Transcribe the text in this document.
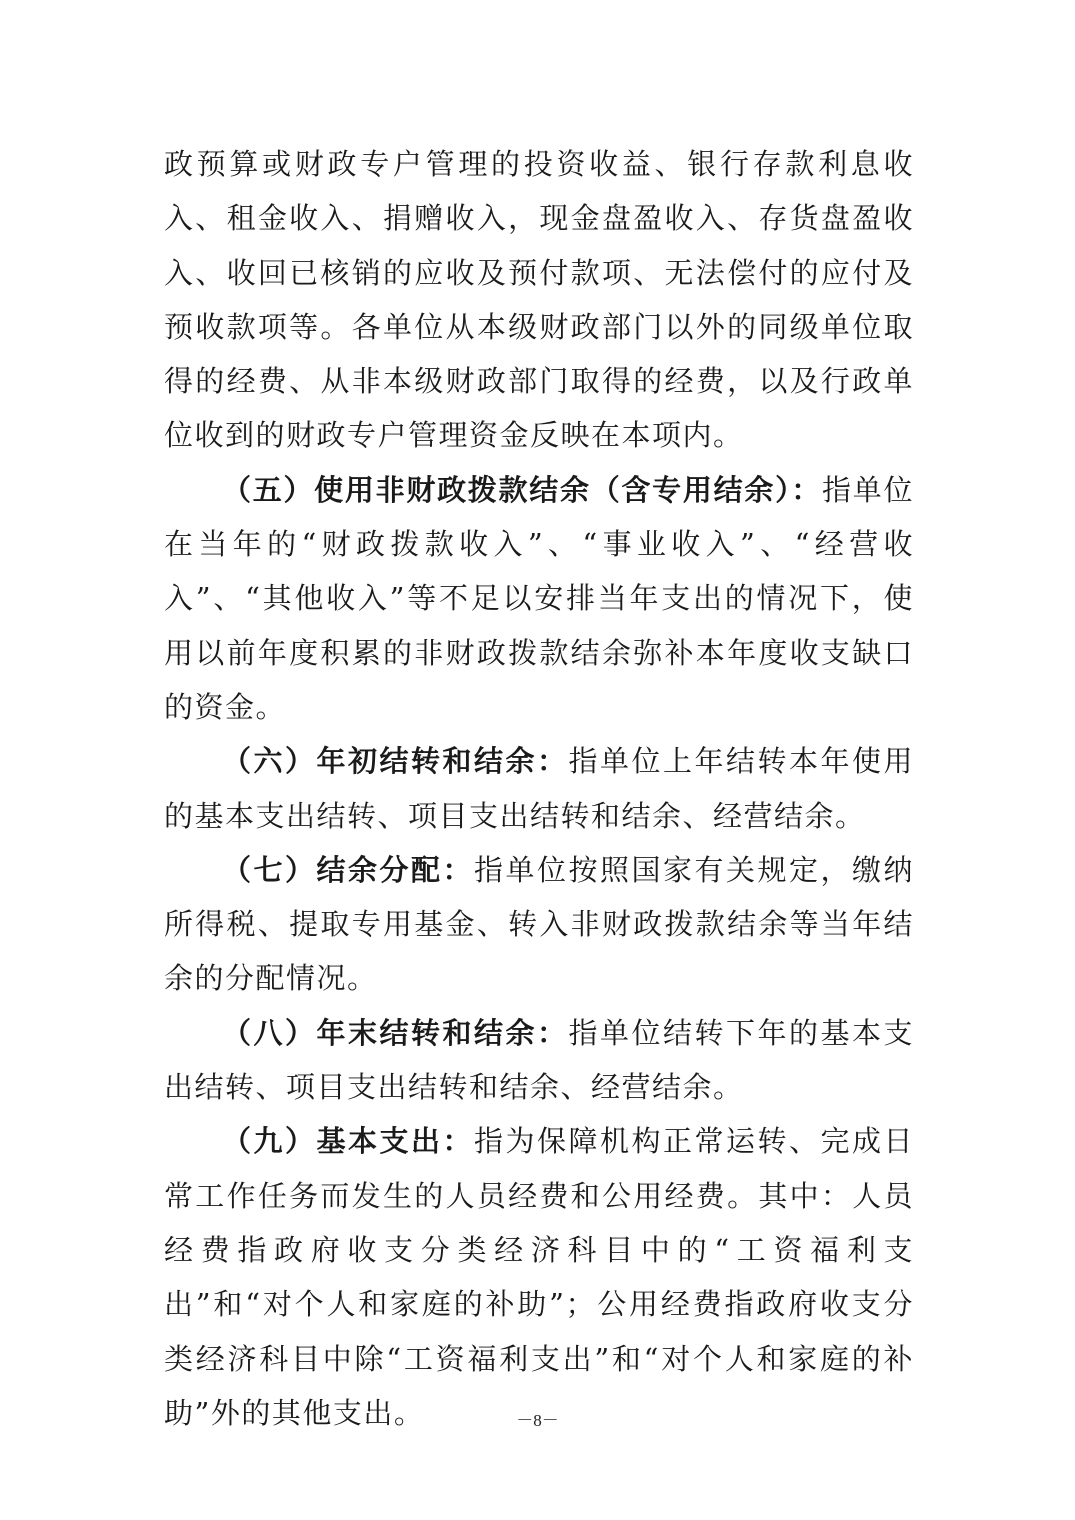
政预算或财政专户管理的投资收益、银行存款利息收入、租金收入、捐赠收入，现金盘盈收入、存货盘盈收入、收回已核销的应收及预付款项、无法偿付的应付及预收款项等。各单位从本级财政部门以外的同级单位取得的经费、从非本级财政部门取得的经费，以及行政单位收到的财政专户管理资金反映在本项内。

（五）使用非财政拨款结余（含专用结余）：指单位在当年的“财政拨款收入”、“事业收入”、“经营收入”、“其他收入”等不足以安排当年支出的情况下，使用以前年度积累的非财政拨款结余弥补本年度收支缺口的资金。

（六）年初结转和结余：指单位上年结转本年使用的基本支出结转、项目支出结转和结余、经营结余。

（七）结余分配：指单位按照国家有关规定，缴纳所得税、提取专用基金、转入非财政拨款结余等当年结余的分配情况。

（八）年末结转和结余：指单位结转下年的基本支出结转、项目支出结转和结余、经营结余。

（九）基本支出：指为保障机构正常运转、完成日常工作任务而发生的人员经费和公用经费。其中：人员经费指政府收支分类经济科目中的“工资福利支出”和“对个人和家庭的补助”；公用经费指政府收支分类经济科目中除“工资福利支出”和“对个人和家庭的补助”外的其他支出。	－8－
